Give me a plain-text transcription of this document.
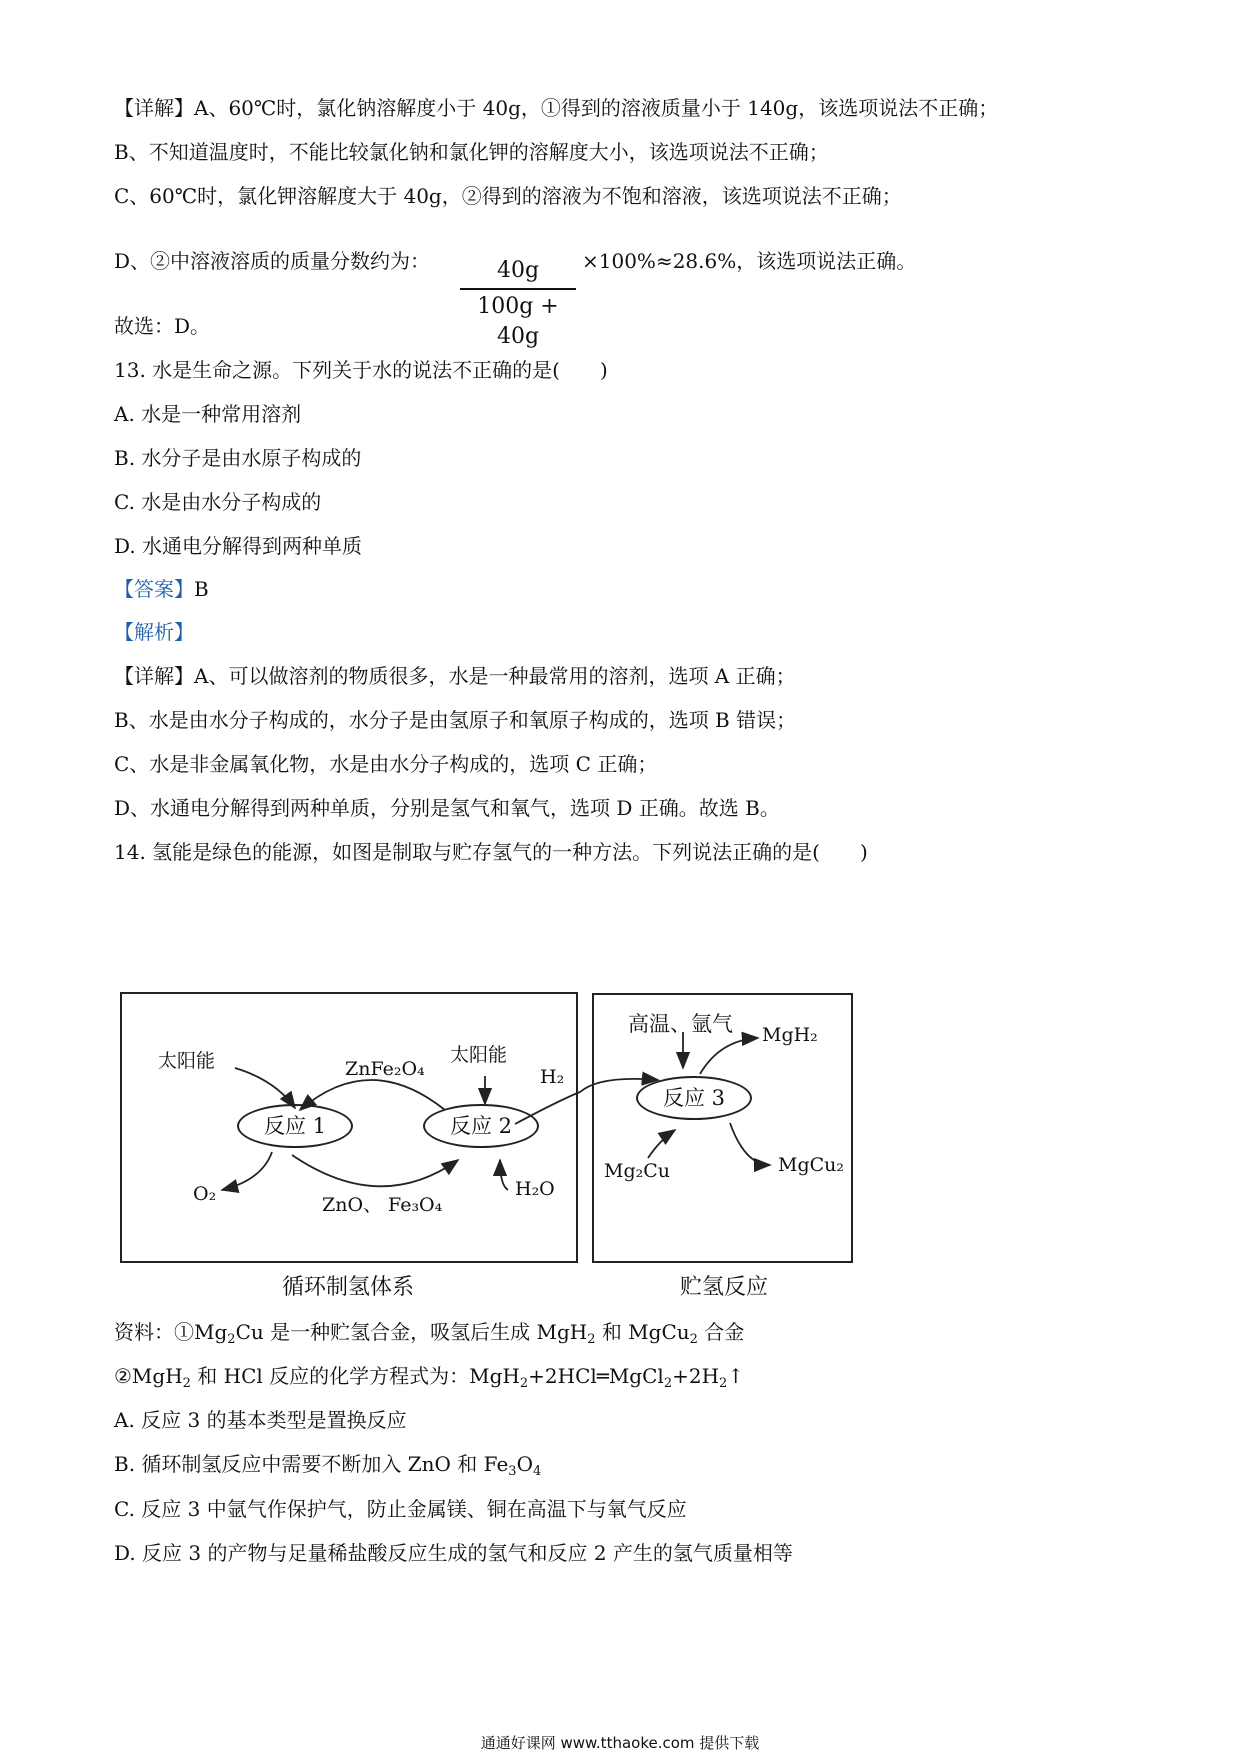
【详解】A、60℃时，氯化钠溶解度小于 40g，①得到的溶液质量小于 140g，该选项说法不正确；
B、不知道温度时，不能比较氯化钠和氯化钾的溶解度大小，该选项说法不正确；
C、60℃时，氯化钾溶解度大于 40g，②得到的溶液为不饱和溶液，该选项说法不正确；
D、②中溶液溶质的质量分数约为：	40g
100g + 40g
×100%≈28.6%，该选项说法正确。
故选：D。
13. 水是生命之源。下列关于水的说法不正确的是(　　)
A. 水是一种常用溶剂
B. 水分子是由水原子构成的
C. 水是由水分子构成的
D. 水通电分解得到两种单质
【答案】B
【解析】
【详解】A、可以做溶剂的物质很多，水是一种最常用的溶剂，选项 A 正确；
B、水是由水分子构成的，水分子是由氢原子和氧原子构成的，选项 B 错误；
C、水是非金属氧化物，水是由水分子构成的，选项 C 正确；
D、水通电分解得到两种单质，分别是氢气和氧气，选项 D 正确。故选 B。
14. 氢能是绿色的能源，如图是制取与贮存氢气的一种方法。下列说法正确的是(　　)
反应 1	反应 2
反应 3
太阳能	ZnFe₂O₄
太阳能
O₂	ZnO、 Fe₃O₄
H₂O
H₂
高温、氩气 MgH₂
Mg₂Cu	MgCu₂
循环制氢体系	贮氢反应
资料：$①Mg_2Cu$ 是一种贮氢合金，吸氢后生成 MgH$_2$ 和 MgCu$_2$ 合金
②MgH$_2$ 和 HCl 反应的化学方程式为：$MgH_2+2HCl═MgCl_2+2H_2↑$
A. 反应 3 的基本类型是置换反应
B. 循环制氢反应中需要不断加入 ZnO 和 $Fe_3O_4$
C. 反应 3 中氩气作保护气，防止金属镁、铜在高温下与氧气反应
D. 反应 3 的产物与足量稀盐酸反应生成的氢气和反应 2 产生的氢气质量相等
通通好课网 www.tthaoke.com 提供下载
